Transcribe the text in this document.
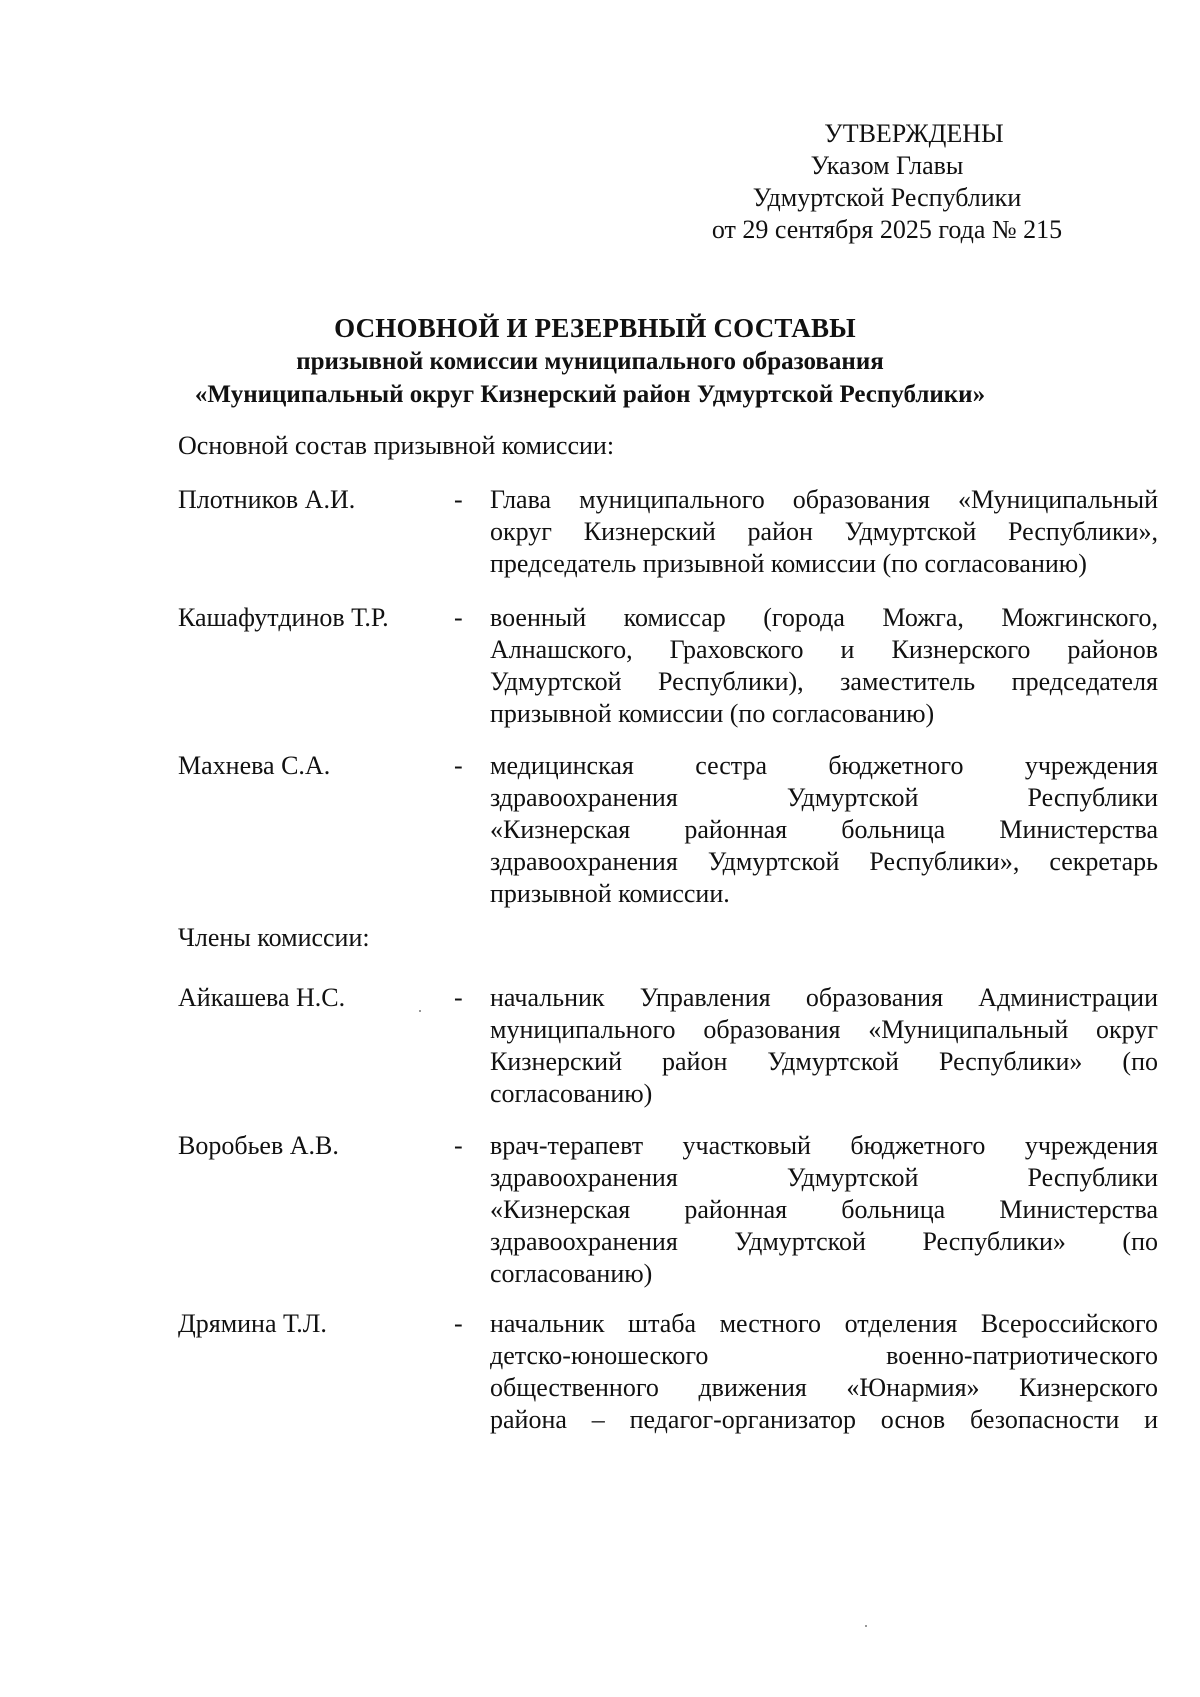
УТВЕРЖДЕНЫ
Указом Главы
Удмуртской Республики
от 29 сентября 2025 года № 215
ОСНОВНОЙ И РЕЗЕРВНЫЙ СОСТАВЫ
призывной комиссии муниципального образования
«Муниципальный округ Кизнерский район Удмуртской Республики»
Основной состав призывной комиссии:
Плотников А.И.	- Глава муниципального образования «Муниципальный
округ Кизнерский район Удмуртской Республики»,
председатель призывной комиссии (по согласованию)
Кашафутдинов Т.Р.	- военный комиссар (города Можга, Можгинского,
Алнашского, Граховского и Кизнерского районов
Удмуртской Республики), заместитель председателя
призывной комиссии (по согласованию)
Махнева С.А.	- медицинская сестра бюджетного учреждения
здравоохранения Удмуртской Республики
«Кизнерская районная больница Министерства
здравоохранения Удмуртской Республики», секретарь
призывной комиссии.
Члены комиссии:
Айкашева Н.С.	- начальник Управления образования Администрации
муниципального образования «Муниципальный округ
Кизнерский район Удмуртской Республики» (по
согласованию)
Воробьев А.В.	- врач-терапевт участковый бюджетного учреждения
здравоохранения Удмуртской Республики
«Кизнерская районная больница Министерства
здравоохранения Удмуртской Республики» (по
согласованию)
Дрямина Т.Л.	- начальник штаба местного отделения Всероссийского
детско-юношеского военно-патриотического
общественного движения «Юнармия» Кизнерского
района – педагог-организатор основ безопасности и
